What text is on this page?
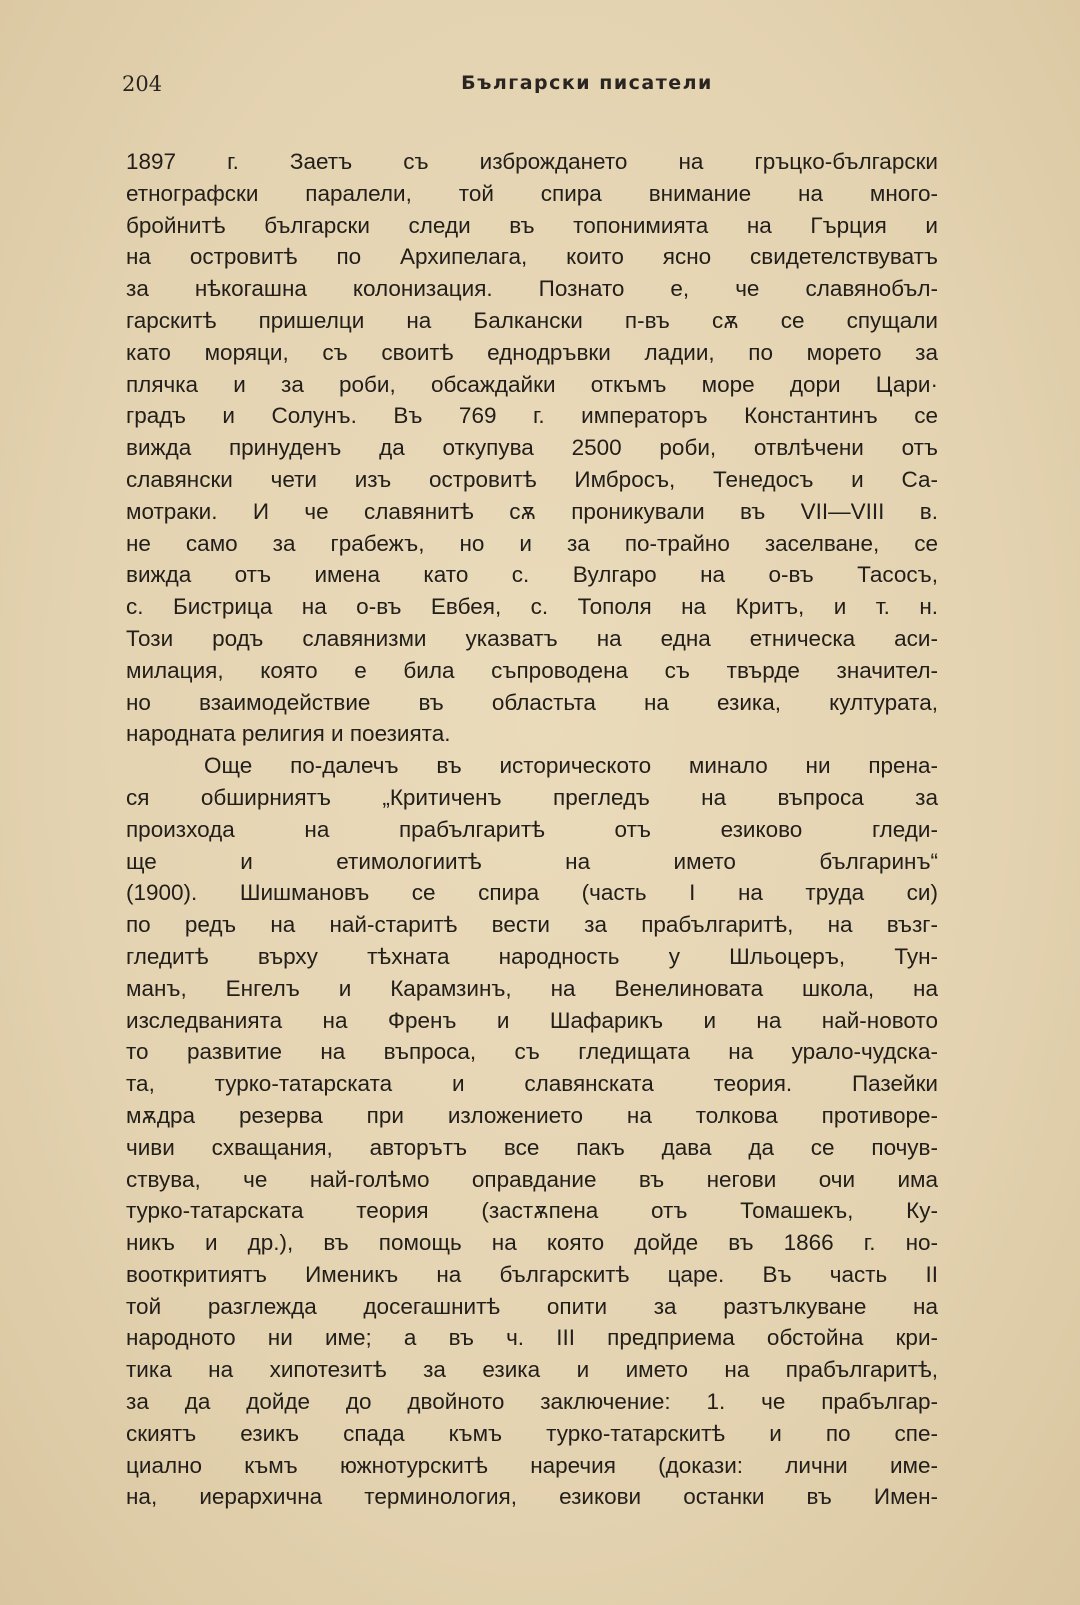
204	Български писатели
1897 г. Заетъ съ изброждането на гръцко-български
етнографски паралели, той спира внимание на много-
бройнитѣ български следи въ топонимията на Гърция и
на островитѣ по Архипелага, които ясно свидетелствуватъ
за нѣкогашна колонизация. Познато е, че славянобъл-
гарскитѣ пришелци на Балкански п-въ сѫ се спущали
като моряци, съ своитѣ еднодръвки ладии, по морето за
плячка и за роби, обсаждайки откъмъ море дори Цари·
градъ и Солунъ. Въ 769 г. императоръ Константинъ се
вижда принуденъ да откупува 2500 роби, отвлѣчени отъ
славянски чети изъ островитѣ Имбросъ, Тенедосъ и Са-
мотраки. И че славянитѣ сѫ проникували въ VII—VIII в.
не само за грабежъ, но и за по-трайно заселване, се
вижда отъ имена като с. Вулгаро на о-въ Тасосъ,
с. Бистрица на о-въ Евбея, с. Тополя на Критъ, и т. н.
Този родъ славянизми указватъ на една етническа аси-
милация, която е била съпроводена съ твърде значител-
но взаимодействие въ областьта на езика, културата,
народната религия и поезията.
Още по-далечъ въ историческото минало ни прена-
ся обширниятъ „Критиченъ прегледъ на въпроса за
произхода на прабългаритѣ отъ езиково гледи-
ще и етимологиитѣ на името българинъ“
(1900). Шишмановъ се спира (часть I на труда си)
по редъ на най-старитѣ вести за прабългаритѣ, на възг-
гледитѣ върху тѣхната народность у Шльоцеръ, Тун-
манъ, Енгелъ и Карамзинъ, на Венелиновата школа, на
изследванията на Френъ и Шафарикъ и на най-новото
то развитие на въпроса, съ гледищата на урало-чудска-
та, турко-татарската и славянската теория. Пазейки
мѫдра резерва при изложението на толкова противоре-
чиви схващания, авторътъ все пакъ дава да се почув-
ствува, че най-голѣмо оправдание въ негови очи има
турко-татарската теория (застѫпена отъ Томашекъ, Ку-
никъ и др.), въ помощь на която дойде въ 1866 г. но-
вооткритиятъ Именикъ на българскитѣ царе. Въ часть II
той разглежда досегашнитѣ опити за разтълкуване на
народното ни име; а въ ч. III предприема обстойна кри-
тика на хипотезитѣ за езика и името на прабългаритѣ,
за да дойде до двойното заключение: 1. че прабългар-
скиятъ езикъ спада къмъ турко-татарскитѣ и по спе-
циално къмъ южнотурскитѣ наречия (докази: лични име-
на, иерархична терминология, езикови останки въ Имен-
